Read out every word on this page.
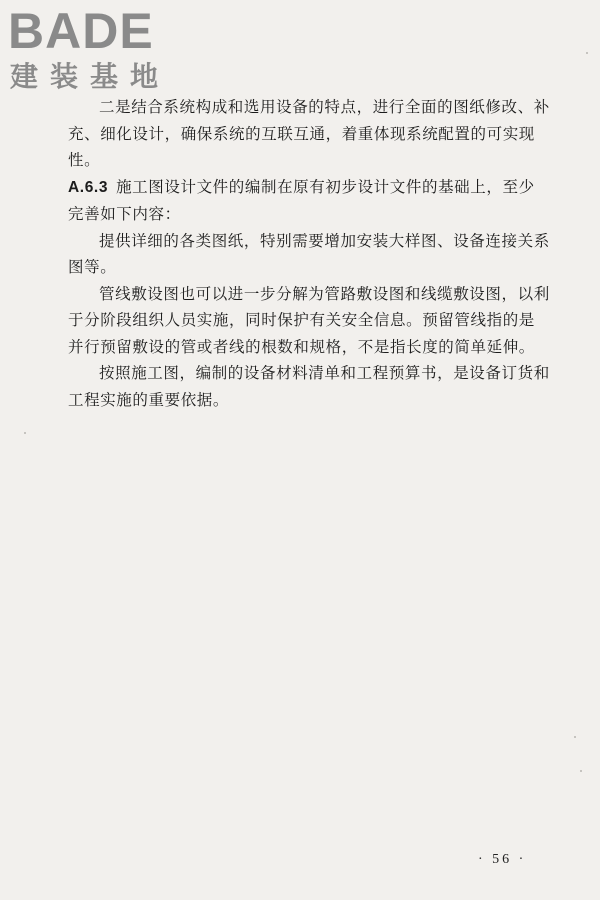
BADE
建装基地

二是结合系统构成和选用设备的特点，进行全面的图纸修改、补充、细化设计，确保系统的互联互通，着重体现系统配置的可实现性。

A.6.3 施工图设计文件的编制在原有初步设计文件的基础上，至少完善如下内容：

提供详细的各类图纸，特别需要增加安装大样图、设备连接关系图等。

管线敷设图也可以进一步分解为管路敷设图和线缆敷设图，以利于分阶段组织人员实施，同时保护有关安全信息。预留管线指的是并行预留敷设的管或者线的根数和规格，不是指长度的简单延伸。

按照施工图，编制的设备材料清单和工程预算书，是设备订货和工程实施的重要依据。

· 56 ·
